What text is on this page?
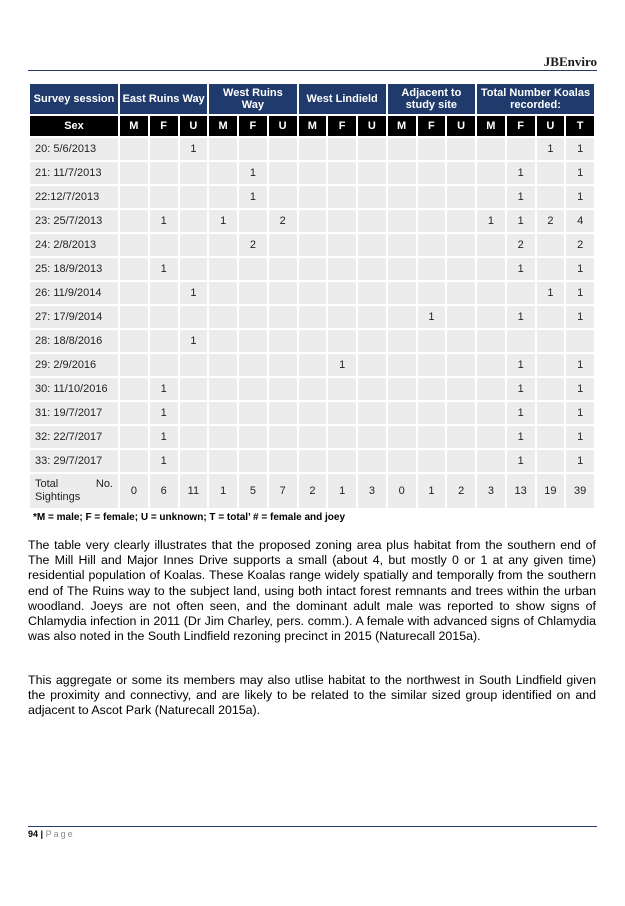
JBEnviro
Survey session	East Ruins Way			West Ruins Way			West Lindield			Adjacent to study site			Total Number Koalas recorded:			
Sex	M	F	U	M	F	U	M	F	U	M	F	U	M	F	U	T
20: 5/6/2013			1												1	1
21: 11/7/2013					1									1		1
22:12/7/2013					1									1		1
23: 25/7/2013		1		1		2							1	1	2	4
24: 2/8/2013					2									2		2
25: 18/9/2013		1												1		1
26: 11/9/2014			1												1	1
27: 17/9/2014											1			1		1
28: 18/8/2016			1													
29: 2/9/2016								1						1		1
30: 11/10/2016		1												1		1
31: 19/7/2017		1												1		1
32: 22/7/2017		1												1		1
33: 29/7/2017		1												1		1

No.
Total
Sightings	0	6	11	1	5	7	2	1	3	0	1	2	3	13	19	39
*M = male; F = female; U = unknown; T = total’ # = female and joey

The table very clearly illustrates that the proposed zoning area plus habitat from the southern end of The Mill Hill and Major Innes Drive supports a small (about 4, but mostly 0 or 1 at any given time) residential population of Koalas. These Koalas range widely spatially and temporally from the southern end of The Ruins way to the subject land, using both intact forest remnants and trees within the urban woodland. Joeys are not often seen, and the dominant adult male was reported to show signs of Chlamydia infection in 2011 (Dr Jim Charley, pers. comm.). A female with advanced signs of Chlamydia was also noted in the South Lindfield rezoning precinct in 2015 (Naturecall 2015a).

This aggregate or some its members may also utlise habitat to the northwest in South Lindfield given the proximity and connectivy, and are likely to be related to the similar sized group identified on and adjacent to Ascot Park (Naturecall 2015a).

94 | Page
